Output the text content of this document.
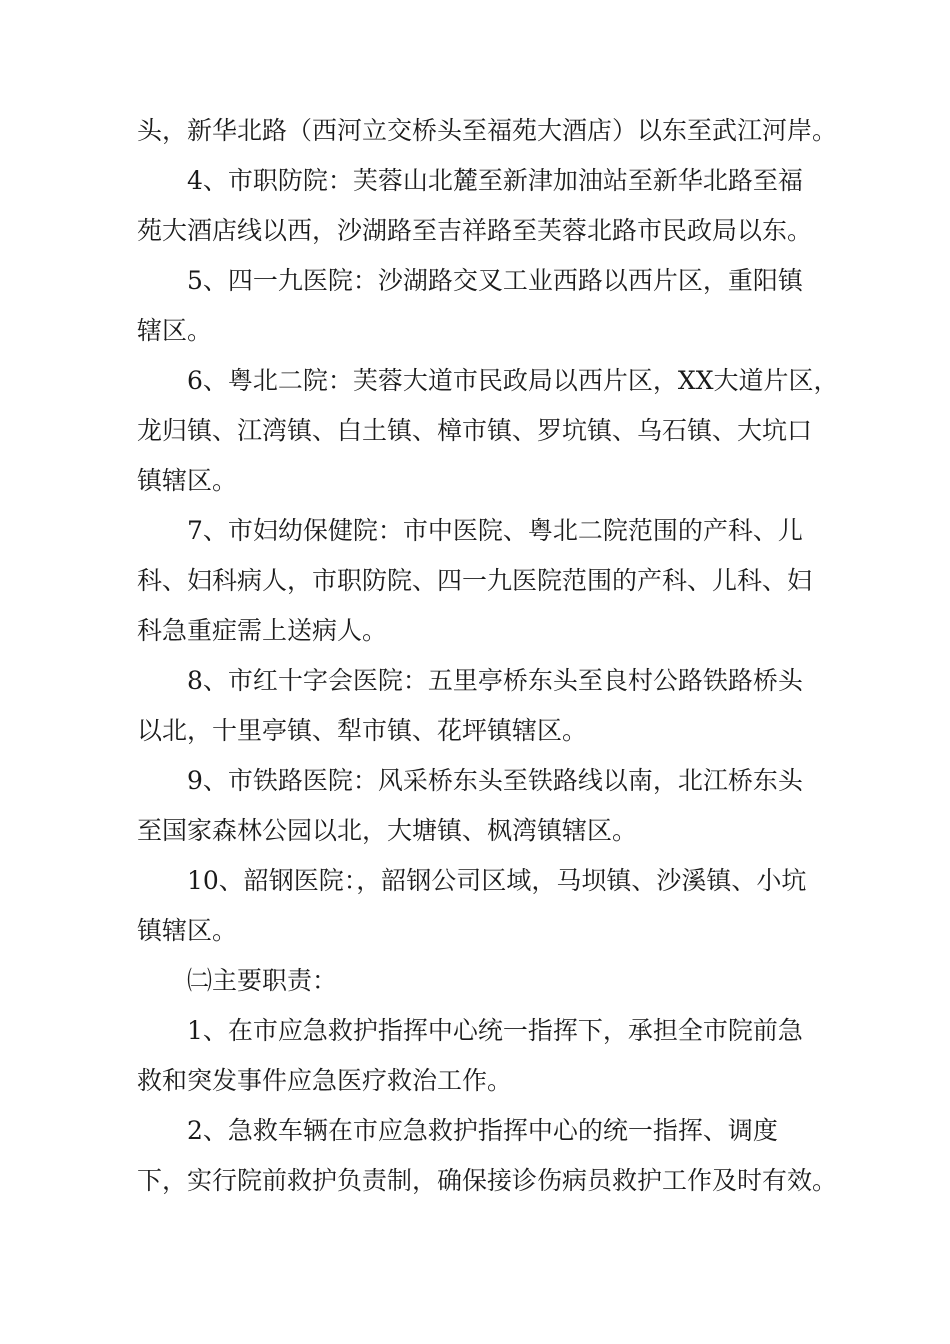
头，新华北路（西河立交桥头至福苑大酒店）以东至武江河岸。
4、市职防院：芙蓉山北麓至新津加油站至新华北路至福
苑大酒店线以西，沙湖路至吉祥路至芙蓉北路市民政局以东。
5、四一九医院：沙湖路交叉工业西路以西片区，重阳镇
辖区。
6、粤北二院：芙蓉大道市民政局以西片区，XX大道片区，
龙归镇、江湾镇、白土镇、樟市镇、罗坑镇、乌石镇、大坑口
镇辖区。
7、市妇幼保健院：市中医院、粤北二院范围的产科、儿
科、妇科病人，市职防院、四一九医院范围的产科、儿科、妇
科急重症需上送病人。
8、市红十字会医院：五里亭桥东头至良村公路铁路桥头
以北，十里亭镇、犁市镇、花坪镇辖区。
9、市铁路医院：风采桥东头至铁路线以南，北江桥东头
至国家森林公园以北，大塘镇、枫湾镇辖区。
10、韶钢医院：，韶钢公司区域，马坝镇、沙溪镇、小坑
镇辖区。
㈡主要职责：
1、在市应急救护指挥中心统一指挥下，承担全市院前急
救和突发事件应急医疗救治工作。
2、急救车辆在市应急救护指挥中心的统一指挥、调度
下，实行院前救护负责制，确保接诊伤病员救护工作及时有效。
